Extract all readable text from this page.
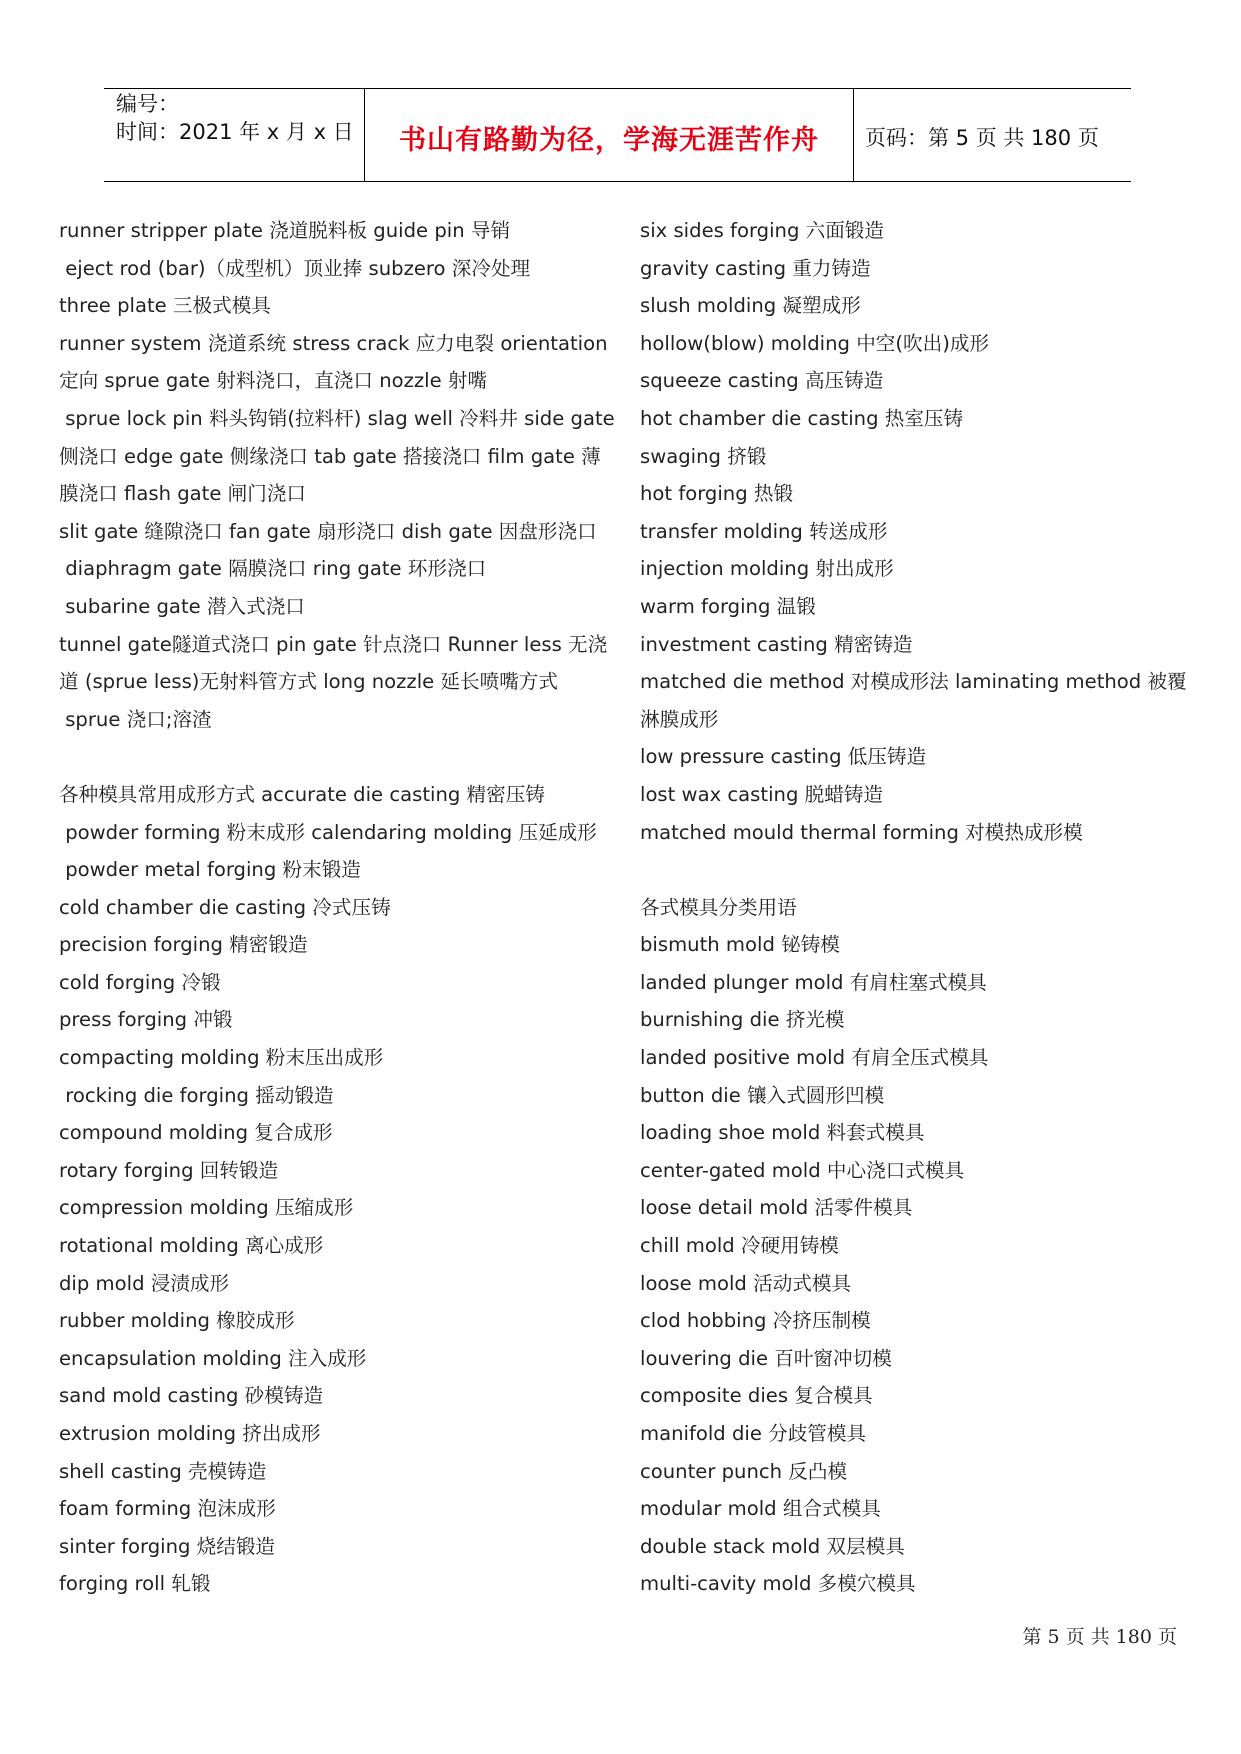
编号：
时间：2021 年 x 月 x 日	书山有路勤为径，学海无涯苦作舟	页码：第 5 页 共 180 页
runner stripper plate 浇道脱料板 guide pin 导销
eject rod (bar)（成型机）顶业捧 subzero 深冷处理
three plate 三极式模具
runner system 浇道系统 stress crack 应力电裂 orientation
定向 sprue gate 射料浇口，直浇口 nozzle 射嘴
sprue lock pin 料头钩销(拉料杆) slag well 冷料井 side gate
侧浇口 edge gate 侧缘浇口 tab gate 搭接浇口 film gate 薄
膜浇口 flash gate 闸门浇口
slit gate 缝隙浇口 fan gate 扇形浇口 dish gate 因盘形浇口
diaphragm gate 隔膜浇口 ring gate 环形浇口
subarine gate 潜入式浇口
tunnel gate隧道式浇口 pin gate 针点浇口 Runner less 无浇
道 (sprue less)无射料管方式 long nozzle 延长喷嘴方式
sprue 浇口;溶渣
各种模具常用成形方式 accurate die casting 精密压铸
powder forming 粉末成形 calendaring molding 压延成形
powder metal forging 粉末锻造
cold chamber die casting 冷式压铸
precision forging 精密锻造
cold forging 冷锻
press forging 冲锻
compacting molding 粉末压出成形
rocking die forging 摇动锻造
compound molding 复合成形
rotary forging 回转锻造
compression molding 压缩成形
rotational molding 离心成形
dip mold 浸渍成形
rubber molding 橡胶成形
encapsulation molding 注入成形
sand mold casting 砂模铸造
extrusion molding 挤出成形
shell casting 壳模铸造
foam forming 泡沫成形
sinter forging 烧结锻造
forging roll 轧锻
six sides forging 六面锻造
gravity casting 重力铸造
slush molding 凝塑成形
hollow(blow) molding 中空(吹出)成形
squeeze casting 高压铸造
hot chamber die casting 热室压铸
swaging 挤锻
hot forging 热锻
transfer molding 转送成形
injection molding 射出成形
warm forging 温锻
investment casting 精密铸造
matched die method 对模成形法 laminating method 被覆
淋膜成形
low pressure casting 低压铸造
lost wax casting 脱蜡铸造
matched mould thermal forming 对模热成形模
各式模具分类用语
bismuth mold 铋铸模
landed plunger mold 有肩柱塞式模具
burnishing die 挤光模
landed positive mold 有肩全压式模具
button die 镶入式圆形凹模
loading shoe mold 料套式模具
center-gated mold 中心浇口式模具
loose detail mold 活零件模具
chill mold 冷硬用铸模
loose mold 活动式模具
clod hobbing 冷挤压制模
louvering die 百叶窗冲切模
composite dies 复合模具
manifold die 分歧管模具
counter punch 反凸模
modular mold 组合式模具
double stack mold 双层模具
multi-cavity mold 多模穴模具
第 5 页 共 180 页
